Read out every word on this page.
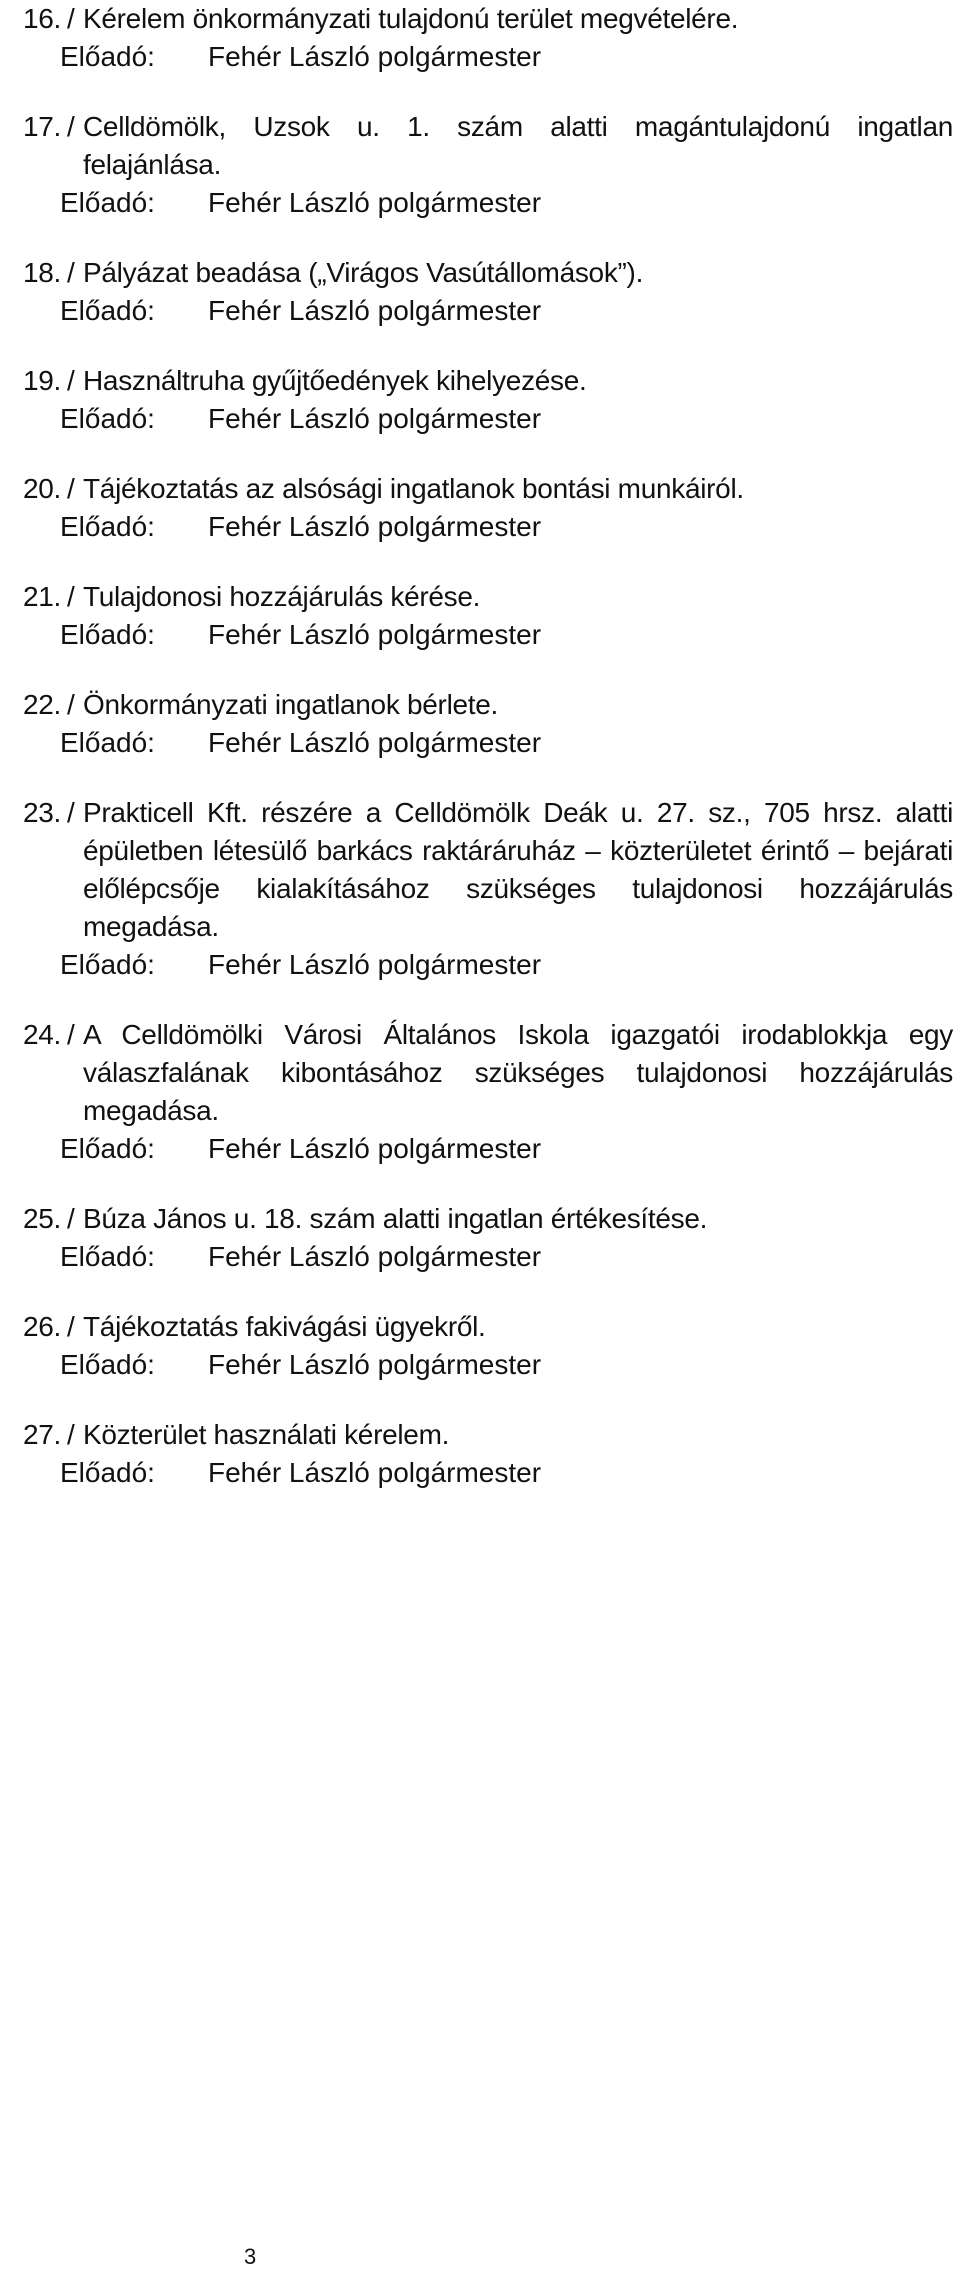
16. / Kérelem önkormányzati tulajdonú terület megvételére.
Előadó:	Fehér László polgármester
17. / Celldömölk, Uzsok u. 1. szám alatti magántulajdonú ingatlan felajánlása.
Előadó:	Fehér László polgármester
18. / Pályázat beadása („Virágos Vasútállomások”).
Előadó:	Fehér László polgármester
19. / Használtruha gyűjtőedények kihelyezése.
Előadó:	Fehér László polgármester
20. / Tájékoztatás az alsósági ingatlanok bontási munkáiról.
Előadó:	Fehér László polgármester
21. / Tulajdonosi hozzájárulás kérése.
Előadó:	Fehér László polgármester
22. / Önkormányzati ingatlanok bérlete.
Előadó:	Fehér László polgármester
23. / Prakticell Kft. részére a Celldömölk Deák u. 27. sz., 705 hrsz. alatti épületben létesülő barkács raktáráruház – közterületet érintő – bejárati előlépcsője kialakításához szükséges tulajdonosi hozzájárulás megadása.
Előadó:	Fehér László polgármester
24. / A Celldömölki Városi Általános Iskola igazgatói irodablokkja egy válaszfalának kibontásához szükséges tulajdonosi hozzájárulás megadása.
Előadó:	Fehér László polgármester
25. / Búza János u. 18. szám alatti ingatlan értékesítése.
Előadó:	Fehér László polgármester
26. / Tájékoztatás fakivágási ügyekről.
Előadó:	Fehér László polgármester
27. / Közterület használati kérelem.
Előadó:	Fehér László polgármester
3
